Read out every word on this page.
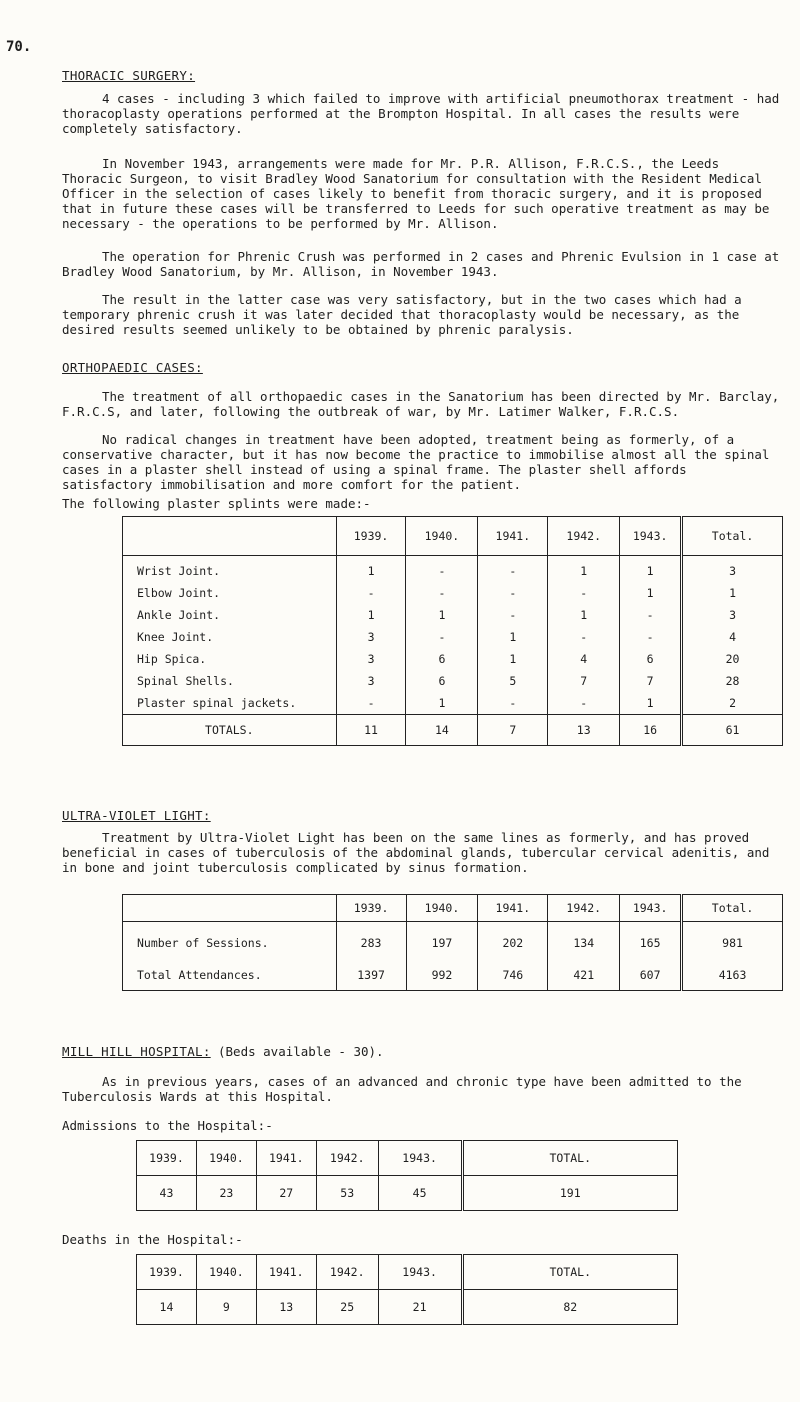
70.
THORACIC SURGERY:
4 cases - including 3 which failed to improve with artificial pneumothorax treatment - had thoracoplasty operations performed at the Brompton Hospital. In all cases the results were completely satisfactory.
In November 1943, arrangements were made for Mr. P.R. Allison, F.R.C.S., the Leeds Thoracic Surgeon, to visit Bradley Wood Sanatorium for consultation with the Resident Medical Officer in the selection of cases likely to benefit from thoracic surgery, and it is proposed that in future these cases will be transferred to Leeds for such operative treatment as may be necessary - the operations to be performed by Mr. Allison.
The operation for Phrenic Crush was performed in 2 cases and Phrenic Evulsion in 1 case at Bradley Wood Sanatorium, by Mr. Allison, in November 1943.
The result in the latter case was very satisfactory, but in the two cases which had a temporary phrenic crush it was later decided that thoracoplasty would be necessary, as the desired results seemed unlikely to be obtained by phrenic paralysis.
ORTHOPAEDIC CASES:
The treatment of all orthopaedic cases in the Sanatorium has been directed by Mr. Barclay, F.R.C.S, and later, following the outbreak of war, by Mr. Latimer Walker, F.R.C.S.
No radical changes in treatment have been adopted, treatment being as formerly, of a conservative character, but it has now become the practice to immobilise almost all the spinal cases in a plaster shell instead of using a spinal frame. The plaster shell affords satisfactory immobilisation and more comfort for the patient.
The following plaster splints were made:-
	1939.	1940.	1941.	1942.	1943.	Total.
Wrist Joint.	1	-	-	1	1	3
Elbow Joint.	-	-	-	-	1	1
Ankle Joint.	1	1	-	1	-	3
Knee Joint.	3	-	1	-	-	4
Hip Spica.	3	6	1	4	6	20
Spinal Shells.	3	6	5	7	7	28
Plaster spinal jackets.	-	1	-	-	1	2
TOTALS.	11	14	7	13	16	61
ULTRA-VIOLET LIGHT:
Treatment by Ultra-Violet Light has been on the same lines as formerly, and has proved beneficial in cases of tuberculosis of the abdominal glands, tubercular cervical adenitis, and in bone and joint tuberculosis complicated by sinus formation.
	1939.	1940.	1941.	1942.	1943.	Total.
Number of Sessions.	283	197	202	134	165	981
Total Attendances.	1397	992	746	421	607	4163
MILL HILL HOSPITAL: (Beds available - 30).
As in previous years, cases of an advanced and chronic type have been admitted to the Tuberculosis Wards at this Hospital.
Admissions to the Hospital:-
1939.	1940.	1941.	1942.	1943.	TOTAL.
43	23	27	53	45	191
Deaths in the Hospital:-
1939.	1940.	1941.	1942.	1943.	TOTAL.
14	9	13	25	21	82
